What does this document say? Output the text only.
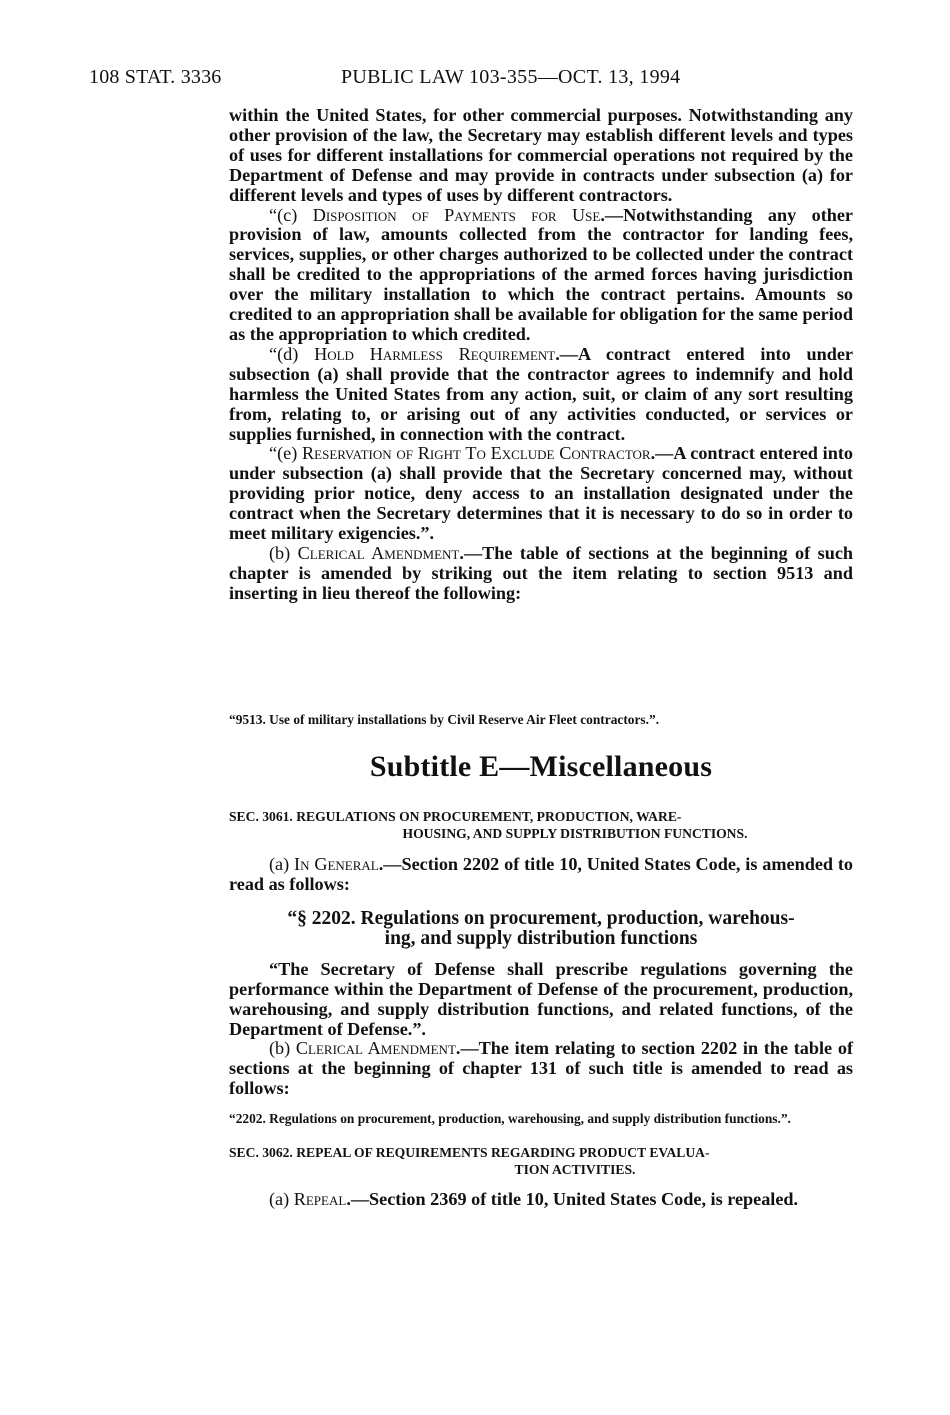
108 STAT. 3336	PUBLIC LAW 103-355—OCT. 13, 1994

within the United States, for other commercial purposes. Notwithstanding any other provision of the law, the Secretary may establish different levels and types of uses for different installations for commercial operations not required by the Department of Defense and may provide in contracts under subsection (a) for different levels and types of uses by different contractors.

“(c) Disposition of Payments for Use.—Notwithstanding any other provision of law, amounts collected from the contractor for landing fees, services, supplies, or other charges authorized to be collected under the contract shall be credited to the appropriations of the armed forces having jurisdiction over the military installation to which the contract pertains. Amounts so credited to an appropriation shall be available for obligation for the same period as the appropriation to which credited.

“(d) Hold Harmless Requirement.—A contract entered into under subsection (a) shall provide that the contractor agrees to indemnify and hold harmless the United States from any action, suit, or claim of any sort resulting from, relating to, or arising out of any activities conducted, or services or supplies furnished, in connection with the contract.

“(e) Reservation of Right To Exclude Contractor.—A contract entered into under subsection (a) shall provide that the Secretary concerned may, without providing prior notice, deny access to an installation designated under the contract when the Secretary determines that it is necessary to do so in order to meet military exigencies.”.

(b) Clerical Amendment.—The table of sections at the beginning of such chapter is amended by striking out the item relating to section 9513 and inserting in lieu thereof the following:

“9513. Use of military installations by Civil Reserve Air Fleet contractors.”.

Subtitle E—Miscellaneous

SEC. 3061. REGULATIONS ON PROCUREMENT, PRODUCTION, WARE-
HOUSING, AND SUPPLY DISTRIBUTION FUNCTIONS.

(a) In General.—Section 2202 of title 10, United States Code, is amended to read as follows:

“§ 2202. Regulations on procurement, production, warehous-

ing, and supply distribution functions

“The Secretary of Defense shall prescribe regulations governing the performance within the Department of Defense of the procurement, production, warehousing, and supply distribution functions, and related functions, of the Department of Defense.”.

(b) Clerical Amendment.—The item relating to section 2202 in the table of sections at the beginning of chapter 131 of such title is amended to read as follows:

“2202. Regulations on procurement, production, warehousing, and supply distribution functions.”.

SEC. 3062. REPEAL OF REQUIREMENTS REGARDING PRODUCT EVALUA-
TION ACTIVITIES.

(a) Repeal.—Section 2369 of title 10, United States Code, is repealed.
